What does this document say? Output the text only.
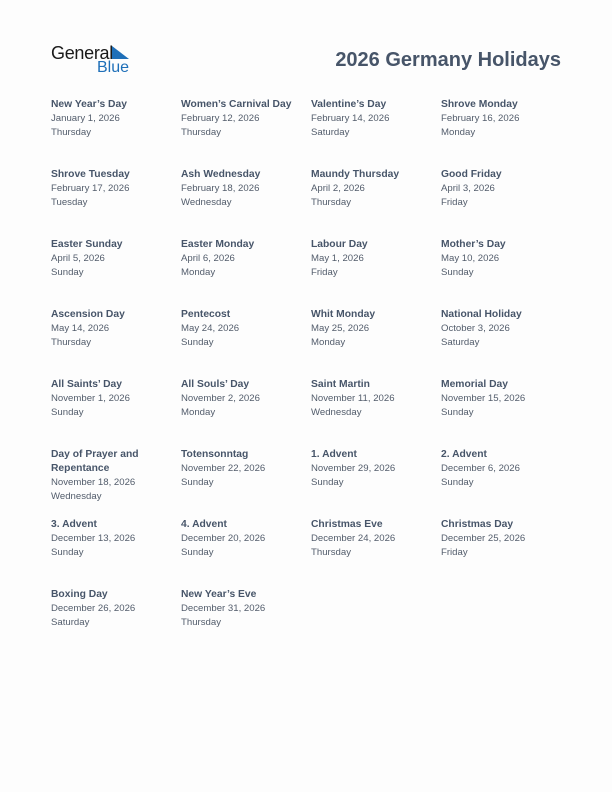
General
Blue	2026 Germany Holidays
New Year’s Day
January 1, 2026
Thursday
Women’s Carnival Day
February 12, 2026
Thursday
Valentine’s Day
February 14, 2026
Saturday
Shrove Monday
February 16, 2026
Monday
Shrove Tuesday
February 17, 2026
Tuesday
Ash Wednesday
February 18, 2026
Wednesday
Maundy Thursday
April 2, 2026
Thursday
Good Friday
April 3, 2026
Friday
Easter Sunday
April 5, 2026
Sunday
Easter Monday
April 6, 2026
Monday
Labour Day
May 1, 2026
Friday
Mother’s Day
May 10, 2026
Sunday
Ascension Day
May 14, 2026
Thursday
Pentecost
May 24, 2026
Sunday
Whit Monday
May 25, 2026
Monday
National Holiday
October 3, 2026
Saturday
All Saints’ Day
November 1, 2026
Sunday
All Souls’ Day
November 2, 2026
Monday
Saint Martin
November 11, 2026
Wednesday
Memorial Day
November 15, 2026
Sunday
Day of Prayer and Repentance
November 18, 2026
Wednesday
Totensonntag
November 22, 2026
Sunday
1. Advent
November 29, 2026
Sunday
2. Advent
December 6, 2026
Sunday
3. Advent
December 13, 2026
Sunday
4. Advent
December 20, 2026
Sunday
Christmas Eve
December 24, 2026
Thursday
Christmas Day
December 25, 2026
Friday
Boxing Day
December 26, 2026
Saturday
New Year’s Eve
December 31, 2026
Thursday
